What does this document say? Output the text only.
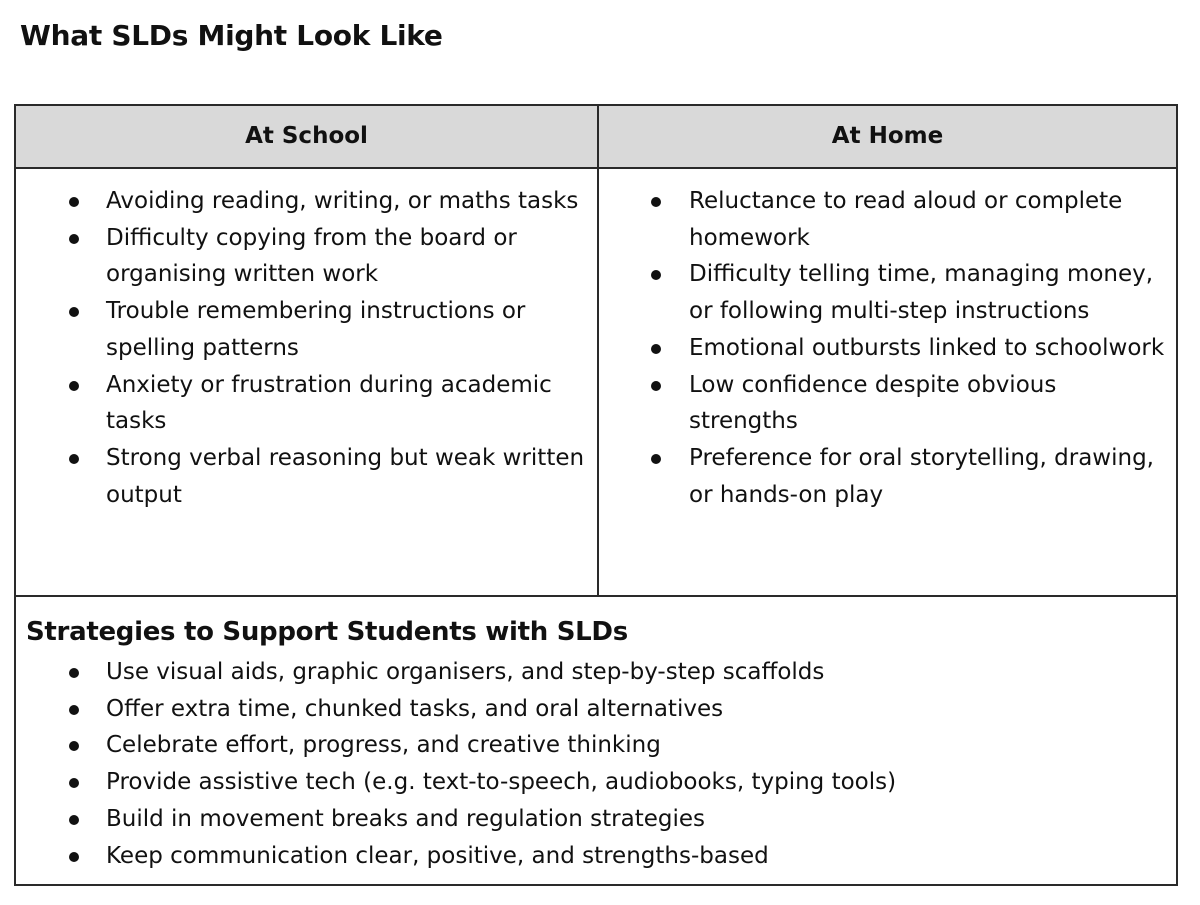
What SLDs Might Look Like
At School	At Home
Avoiding reading, writing, or maths tasks
Difficulty copying from the board or organising written work
Trouble remembering instructions or spelling patterns
Anxiety or frustration during academic tasks
Strong verbal reasoning but weak written output
Reluctance to read aloud or complete homework
Difficulty telling time, managing money, or following multi-step instructions
Emotional outbursts linked to schoolwork
Low confidence despite obvious strengths
Preference for oral storytelling, drawing, or hands-on play
Strategies to Support Students with SLDs
Use visual aids, graphic organisers, and step-by-step scaffolds
Offer extra time, chunked tasks, and oral alternatives
Celebrate effort, progress, and creative thinking
Provide assistive tech (e.g. text-to-speech, audiobooks, typing tools)
Build in movement breaks and regulation strategies
Keep communication clear, positive, and strengths-based
